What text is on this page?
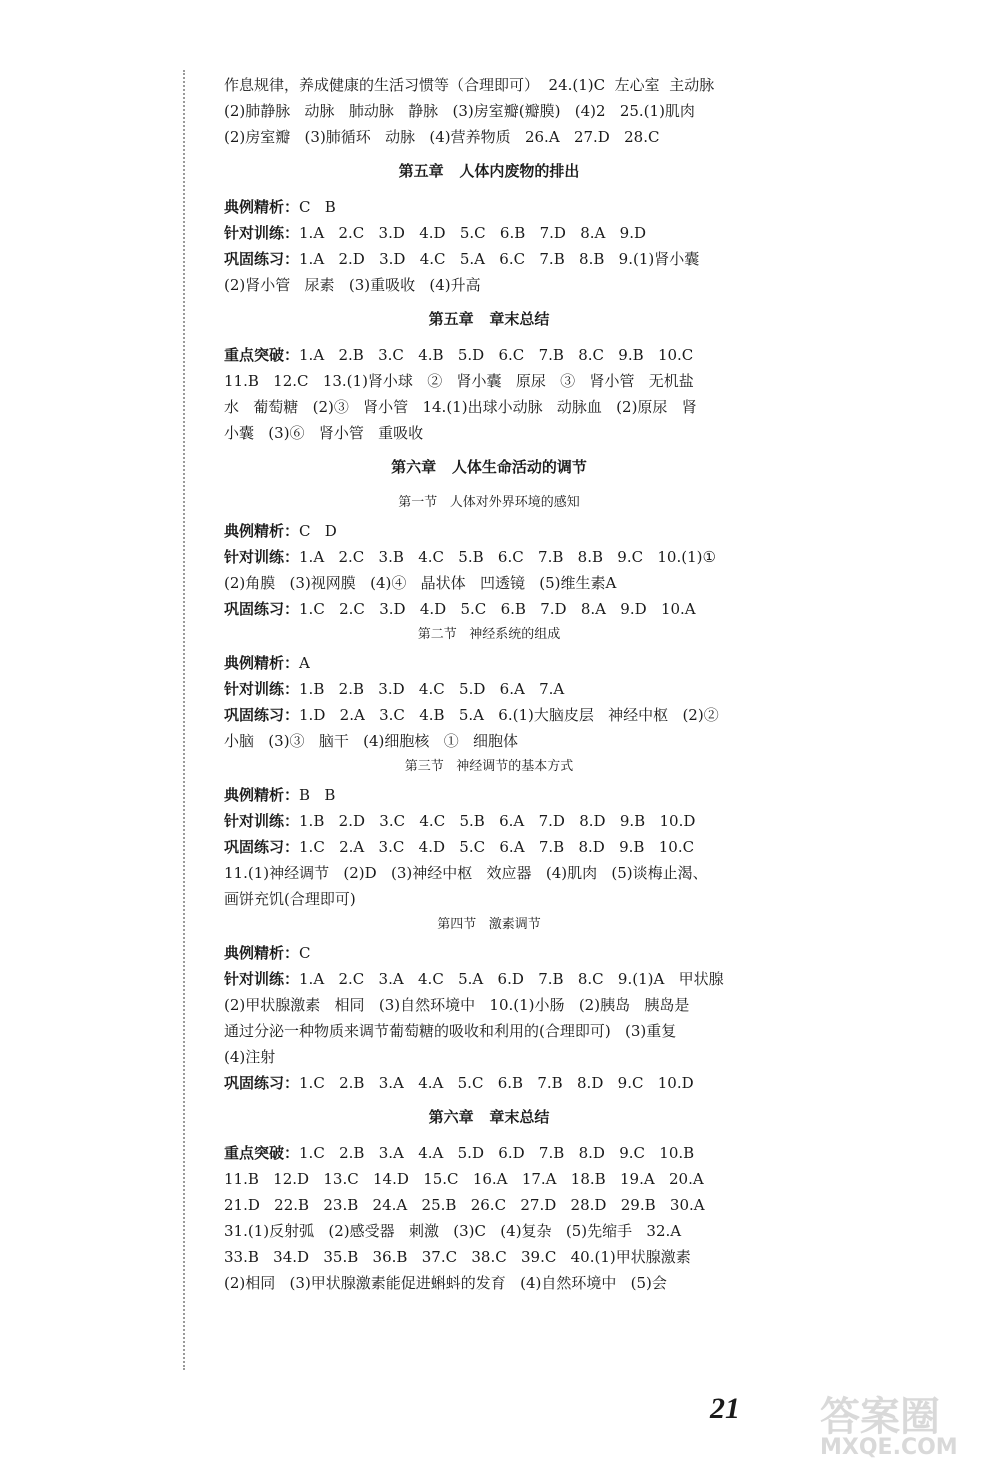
作息规律，养成健康的生活习惯等（合理即可）  24.(1)C  左心室  主动脉
(2)肺静脉   动脉   肺动脉   静脉   (3)房室瓣(瓣膜)   (4)2   25.(1)肌肉
(2)房室瓣   (3)肺循环   动脉   (4)营养物质   26.A   27.D   28.C
第五章   人体内废物的排出
典例精析：C   B
针对训练：1.A   2.C   3.D   4.D   5.C   6.B   7.D   8.A   9.D
巩固练习：1.A   2.D   3.D   4.C   5.A   6.C   7.B   8.B   9.(1)肾小囊
(2)肾小管   尿素   (3)重吸收   (4)升高
第五章   章末总结
重点突破：1.A   2.B   3.C   4.B   5.D   6.C   7.B   8.C   9.B   10.C
11.B   12.C   13.(1)肾小球   ②   肾小囊   原尿   ③   肾小管   无机盐
水   葡萄糖   (2)③   肾小管   14.(1)出球小动脉   动脉血   (2)原尿   肾
小囊   (3)⑥   肾小管   重吸收
第六章   人体生命活动的调节
第一节   人体对外界环境的感知
典例精析：C   D
针对训练：1.A   2.C   3.B   4.C   5.B   6.C   7.B   8.B   9.C   10.(1)①
(2)角膜   (3)视网膜   (4)④   晶状体   凹透镜   (5)维生素A
巩固练习：1.C   2.C   3.D   4.D   5.C   6.B   7.D   8.A   9.D   10.A
第二节   神经系统的组成
典例精析：A
针对训练：1.B   2.B   3.D   4.C   5.D   6.A   7.A
巩固练习：1.D   2.A   3.C   4.B   5.A   6.(1)大脑皮层   神经中枢   (2)②
小脑   (3)③   脑干   (4)细胞核   ①   细胞体
第三节   神经调节的基本方式
典例精析：B   B
针对训练：1.B   2.D   3.C   4.C   5.B   6.A   7.D   8.D   9.B   10.D
巩固练习：1.C   2.A   3.C   4.D   5.C   6.A   7.B   8.D   9.B   10.C
11.(1)神经调节   (2)D   (3)神经中枢   效应器   (4)肌肉   (5)谈梅止渴、
画饼充饥(合理即可)
第四节   激素调节
典例精析：C
针对训练：1.A   2.C   3.A   4.C   5.A   6.D   7.B   8.C   9.(1)A   甲状腺
(2)甲状腺激素   相同   (3)自然环境中   10.(1)小肠   (2)胰岛   胰岛是
通过分泌一种物质来调节葡萄糖的吸收和利用的(合理即可)   (3)重复
(4)注射
巩固练习：1.C   2.B   3.A   4.A   5.C   6.B   7.B   8.D   9.C   10.D
第六章   章末总结
重点突破：1.C   2.B   3.A   4.A   5.D   6.D   7.B   8.D   9.C   10.B
11.B   12.D   13.C   14.D   15.C   16.A   17.A   18.B   19.A   20.A
21.D   22.B   23.B   24.A   25.B   26.C   27.D   28.D   29.B   30.A
31.(1)反射弧   (2)感受器   刺激   (3)C   (4)复杂   (5)先缩手   32.A
33.B   34.D   35.B   36.B   37.C   38.C   39.C   40.(1)甲状腺激素
(2)相同   (3)甲状腺激素能促进蝌蚪的发育   (4)自然环境中   (5)会
21 答案圈
MXQE.COM
